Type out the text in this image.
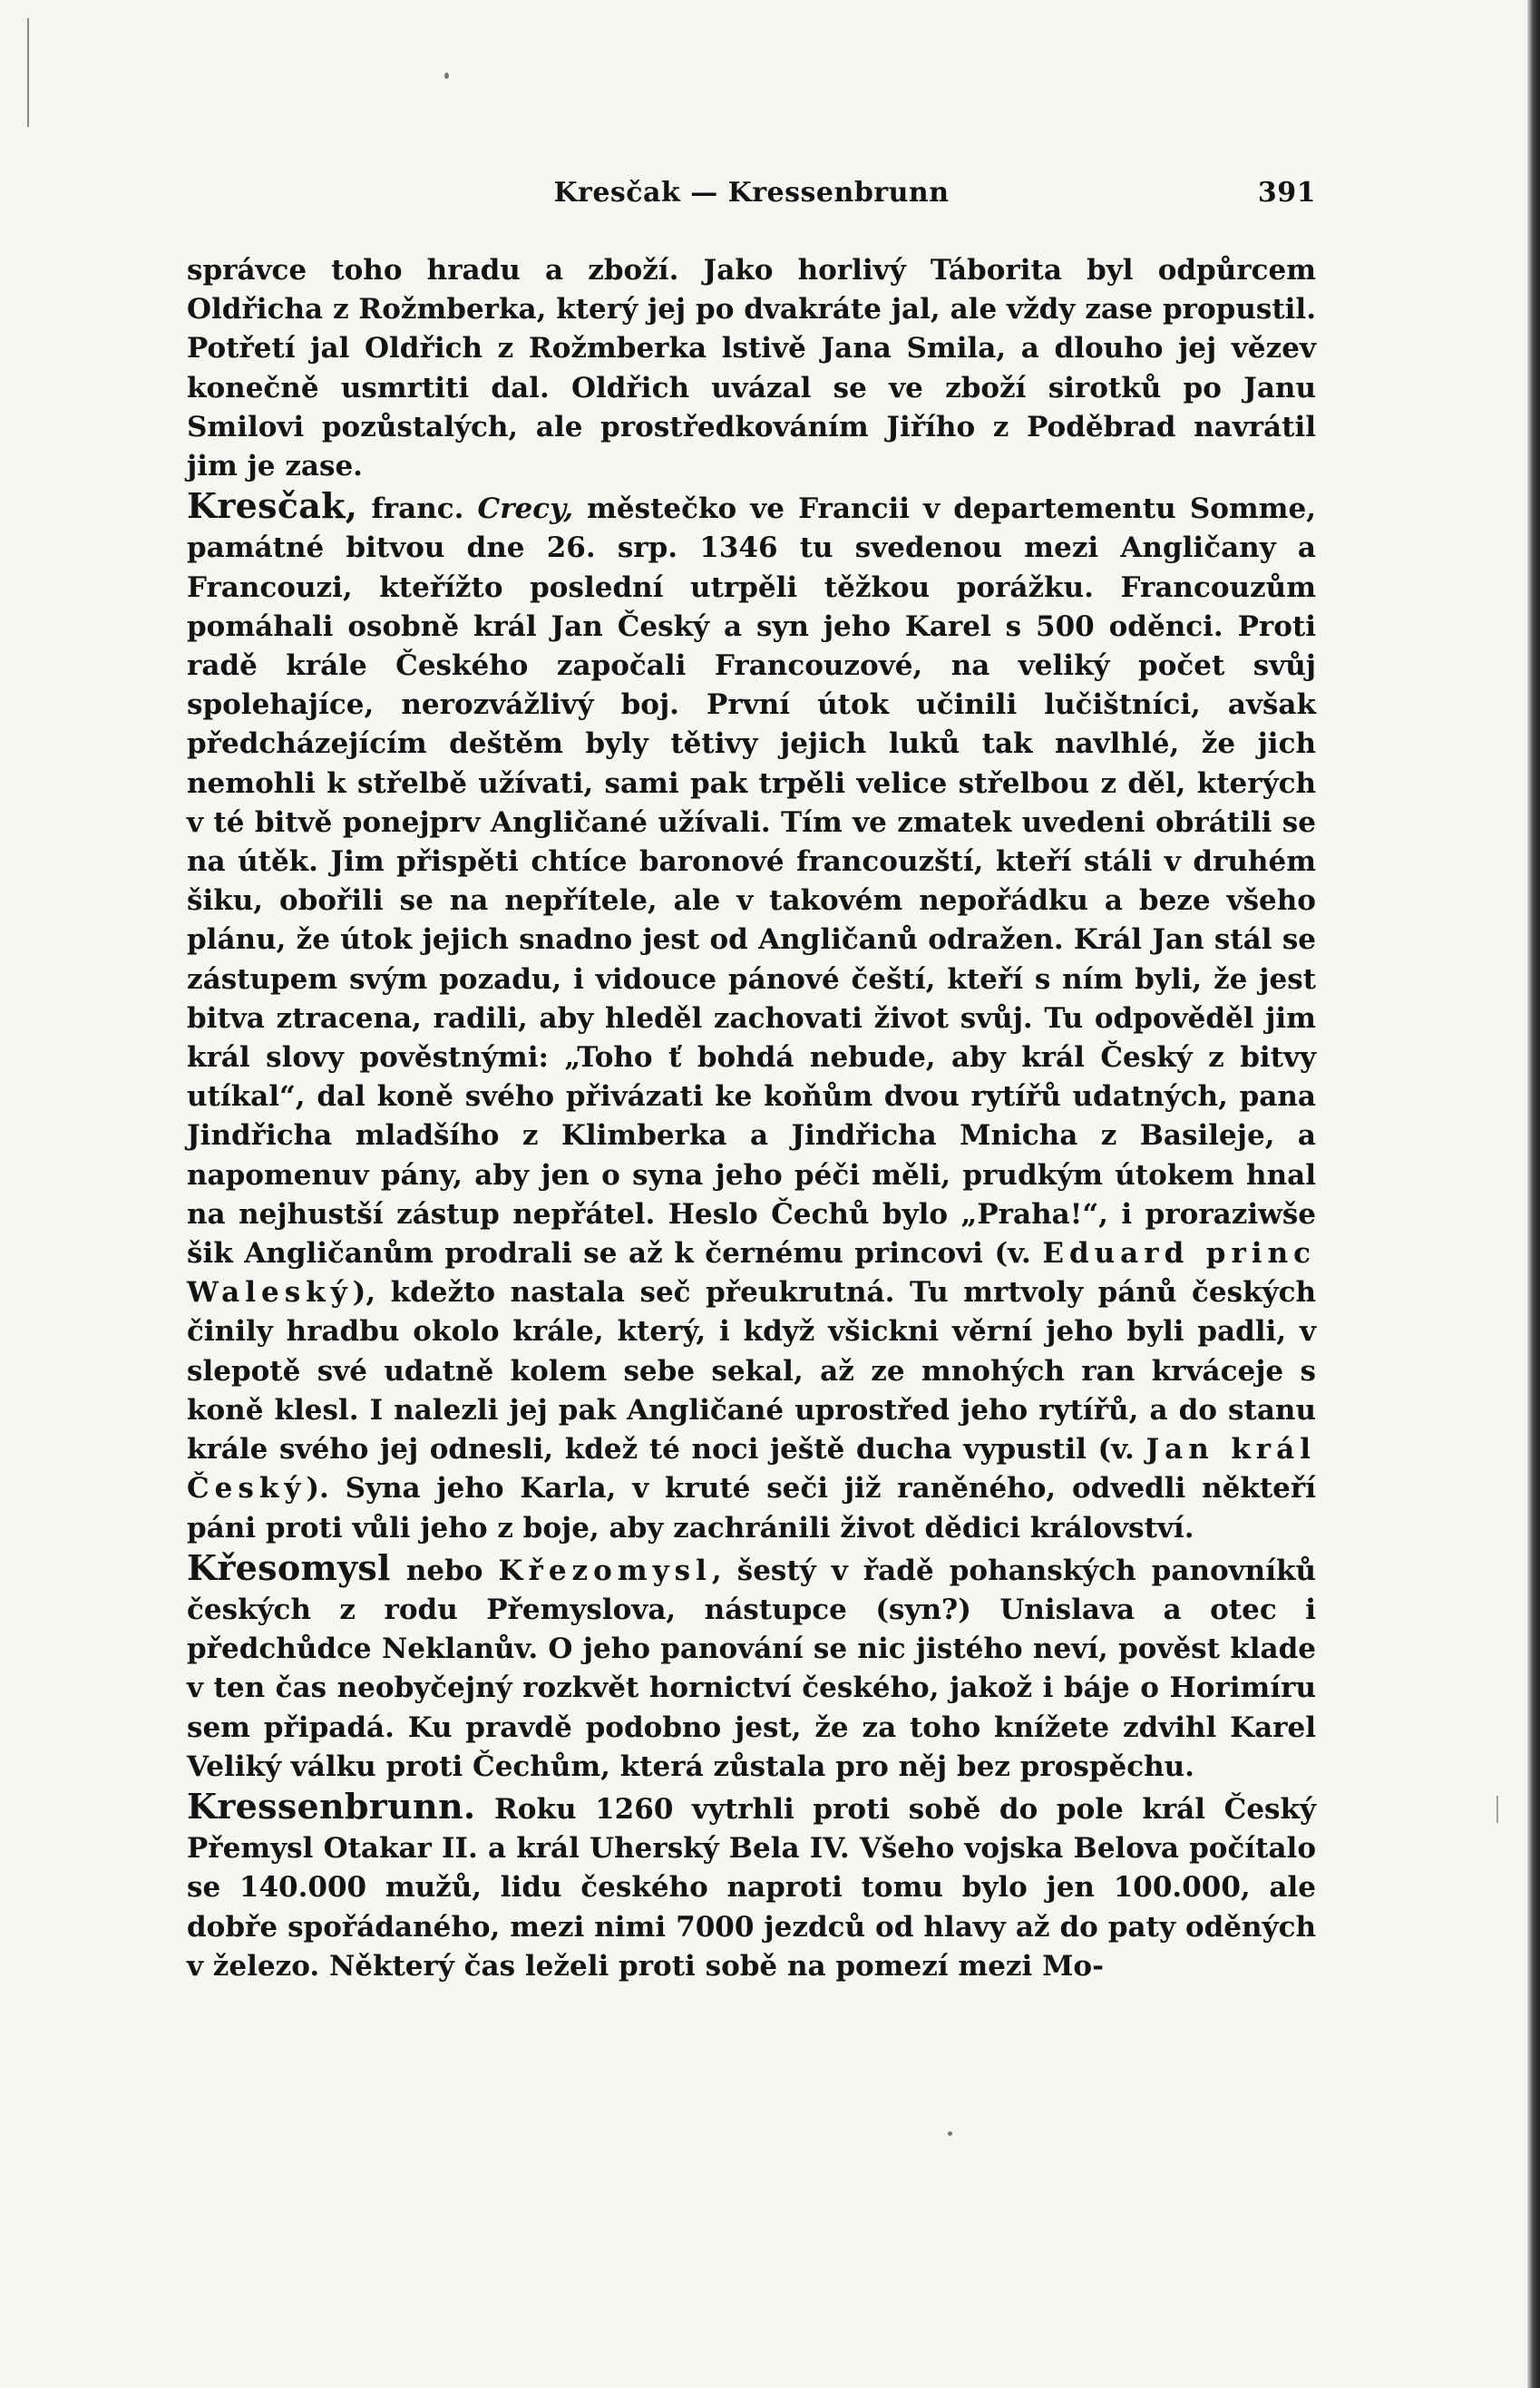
Kresčak — Kressenbrunn	391

správce toho hradu a zboží. Jako horlivý Táborita byl odpůrcem Oldřicha z Rožmberka, který jej po dvakráte jal, ale vždy zase propustil. Potřetí jal Oldřich z Rožmberka lstivě Jana Smila, a dlouho jej vězev konečně usmrtiti dal. Oldřich uvázal se ve zboží sirotků po Janu Smilovi pozůstalých, ale prostředkováním Jiřího z Poděbrad navrátil jim je zase.

Kresčak, franc. Crecy, městečko ve Francii v departementu Somme, památné bitvou dne 26. srp. 1346 tu svedenou mezi Angličany a Francouzi, kteřížto poslední utrpěli těžkou porážku. Francouzům pomáhali osobně král Jan Český a syn jeho Karel s 500 oděnci. Proti radě krále Českého započali Francouzové, na veliký počet svůj spolehajíce, nerozvážlivý boj. První útok učinili lučištníci, avšak předcházejícím deštěm byly tětivy jejich luků tak navlhlé, že jich nemohli k střelbě užívati, sami pak trpěli velice střelbou z děl, kterých v té bitvě ponejprv Angličané užívali. Tím ve zmatek uvedeni obrátili se na útěk. Jim přispěti chtíce baronové francouzští, kteří stáli v druhém šiku, obořili se na nepřítele, ale v takovém nepořádku a beze všeho plánu, že útok jejich snadno jest od Angličanů odražen. Král Jan stál se zástupem svým pozadu, i vidouce pánové čeští, kteří s ním byli, že jest bitva ztracena, radili, aby hleděl zachovati život svůj. Tu odpověděl jim král slovy pověstnými: „Toho ť bohdá nebude, aby král Český z bitvy utíkal“, dal koně svého přivázati ke koňům dvou rytířů udatných, pana Jindřicha mladšího z Klimberka a Jindřicha Mnicha z Basileje, a napomenuv pány, aby jen o syna jeho péči měli, prudkým útokem hnal na nejhustší zástup nepřátel. Heslo Čechů bylo „Praha!“, i proraziwše šik Angličanům prodrali se až k černému princovi (v. Eduard princ Waleský), kdežto nastala seč přeukrutná. Tu mrtvoly pánů českých činily hradbu okolo krále, který, i když všickni věrní jeho byli padli, v slepotě své udatně kolem sebe sekal, až ze mnohých ran krváceje s koně klesl. I nalezli jej pak Angličané uprostřed jeho rytířů, a do stanu krále svého jej odnesli, kdež té noci ještě ducha vypustil (v. Jan král Český). Syna jeho Karla, v kruté seči již raněného, odvedli někteří páni proti vůli jeho z boje, aby zachránili život dědici království.

Křesomysl nebo Křezomysl, šestý v řadě pohanských panovníků českých z rodu Přemyslova, nástupce (syn?) Unislava a otec i předchůdce Neklanův. O jeho panování se nic jistého neví, pověst klade v ten čas neobyčejný rozkvět hornictví českého, jakož i báje o Horimíru sem připadá. Ku pravdě podobno jest, že za toho knížete zdvihl Karel Veliký válku proti Čechům, která zůstala pro něj bez prospěchu.

Kressenbrunn. Roku 1260 vytrhli proti sobě do pole král Český Přemysl Otakar II. a král Uherský Bela IV. Všeho vojska Belova počítalo se 140.000 mužů, lidu českého naproti tomu bylo jen 100.000, ale dobře spořádaného, mezi nimi 7000 jezdců od hlavy až do paty oděných v železo. Některý čas leželi proti sobě na pomezí mezi Mo-
